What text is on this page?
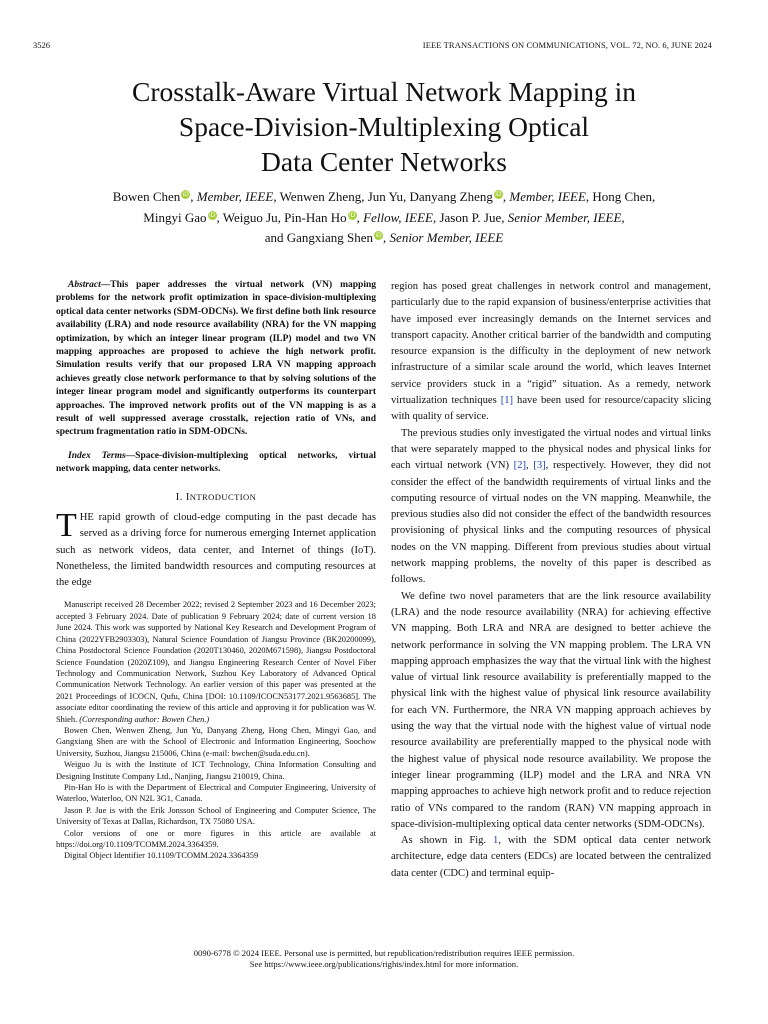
3526	IEEE TRANSACTIONS ON COMMUNICATIONS, VOL. 72, NO. 6, JUNE 2024
Crosstalk-Aware Virtual Network Mapping in
Space-Division-Multiplexing Optical
Data Center Networks
Bowen Chen iD, Member, IEEE, Wenwen Zheng, Jun Yu, Danyang Zheng iD, Member, IEEE, Hong Chen,
Mingyi Gao iD, Weiguo Ju, Pin-Han Ho iD, Fellow, IEEE, Jason P. Jue, Senior Member, IEEE,
and Gangxiang Shen iD, Senior Member, IEEE

Abstract—This paper addresses the virtual network (VN) mapping problems for the network profit optimization in space-division-multiplexing optical data center networks (SDM-ODCNs). We first define both link resource availability (LRA) and node resource availability (NRA) for the VN mapping optimization, by which an integer linear program (ILP) model and two VN mapping approaches are proposed to achieve the high network profit. Simulation results verify that our proposed LRA VN mapping approach achieves greatly close network performance to that by solving solutions of the integer linear program model and significantly outperforms its counterpart approaches. The improved network profits out of the VN mapping is as a result of well suppressed average crosstalk, rejection ratio of VNs, and spectrum fragmentation ratio in SDM-ODCNs.

Index Terms—Space-division-multiplexing optical networks, virtual network mapping, data center networks.

I. INTRODUCTION

THE rapid growth of cloud-edge computing in the past decade has served as a driving force for numerous emerging Internet application such as network videos, data center, and Internet of things (IoT). Nonetheless, the limited bandwidth resources and computing resources at the edge

Manuscript received 28 December 2022; revised 2 September 2023 and 16 December 2023; accepted 3 February 2024. Date of publication 9 February 2024; date of current version 18 June 2024. This work was supported by National Key Research and Development Program of China (2022YFB2903303), Natural Science Foundation of Jiangsu Province (BK20200099), China Postdoctoral Science Foundation (2020T130460, 2020M671598), Jiangsu Postdoctoral Science Foundation (2020Z109), and Jiangsu Engineering Research Center of Novel Fiber Technology and Communication Network, Suzhou Key Laboratory of Advanced Optical Communication Network Technology. An earlier version of this paper was presented at the 2021 Proceedings of ICOCN, Qufu, China [DOI: 10.1109/ICOCN53177.2021.9563685]. The associate editor coordinating the review of this article and approving it for publication was W. Shieh. (Corresponding author: Bowen Chen.)

Bowen Chen, Wenwen Zheng, Jun Yu, Danyang Zheng, Hong Chen, Mingyi Gao, and Gangxiang Shen are with the School of Electronic and Information Engineering, Soochow University, Suzhou, Jiangsu 215006, China (e-mail: bwchen@suda.edu.cn).

Weiguo Ju is with the Institute of ICT Technology, China Information Consulting and Designing Institute Company Ltd., Nanjing, Jiangsu 210019, China.

Pin-Han Ho is with the Department of Electrical and Computer Engineering, University of Waterloo, Waterloo, ON N2L 3G1, Canada.

Jason P. Jue is with the Erik Jonsson School of Engineering and Computer Science, The University of Texas at Dallas, Richardson, TX 75080 USA.

Color versions of one or more figures in this article are available at https://doi.org/10.1109/TCOMM.2024.3364359.

Digital Object Identifier 10.1109/TCOMM.2024.3364359

region has posed great challenges in network control and management, particularly due to the rapid expansion of business/enterprise activities that have imposed ever increasingly demands on the Internet services and transport capacity. Another critical barrier of the bandwidth and computing resource expansion is the difficulty in the deployment of new network infrastructure of a similar scale around the world, which leaves Internet service providers stuck in a “rigid” situation. As a remedy, network virtualization techniques [1] have been used for resource/capacity slicing with quality of service.

The previous studies only investigated the virtual nodes and virtual links that were separately mapped to the physical nodes and physical links for each virtual network (VN) [2], [3], respectively. However, they did not consider the effect of the bandwidth requirements of virtual links and the computing resource of virtual nodes on the VN mapping. Meanwhile, the previous studies also did not consider the effect of the bandwidth resources provisioning of physical links and the computing resources of physical nodes on the VN mapping. Different from previous studies about virtual network mapping problems, the novelty of this paper is described as follows.

We define two novel parameters that are the link resource availability (LRA) and the node resource availability (NRA) for achieving effective VN mapping. Both LRA and NRA are designed to better achieve the network performance in solving the VN mapping problem. The LRA VN mapping approach emphasizes the way that the virtual link with the highest value of virtual link resource availability is preferentially mapped to the physical link with the highest value of physical link resource availability for each VN. Furthermore, the NRA VN mapping approach achieves by using the way that the virtual node with the highest value of virtual node resource availability are preferentially mapped to the physical node with the highest value of physical node resource availability. We propose the integer linear programming (ILP) model and the LRA and NRA VN mapping approaches to achieve high network profit and to reduce rejection ratio of VNs compared to the random (RAN) VN mapping approach in space-division-multiplexing optical data center networks (SDM-ODCNs).

As shown in Fig. 1, with the SDM optical data center network architecture, edge data centers (EDCs) are located between the centralized data center (CDC) and terminal equip-

0090-6778 © 2024 IEEE. Personal use is permitted, but republication/redistribution requires IEEE permission.
See https://www.ieee.org/publications/rights/index.html for more information.
